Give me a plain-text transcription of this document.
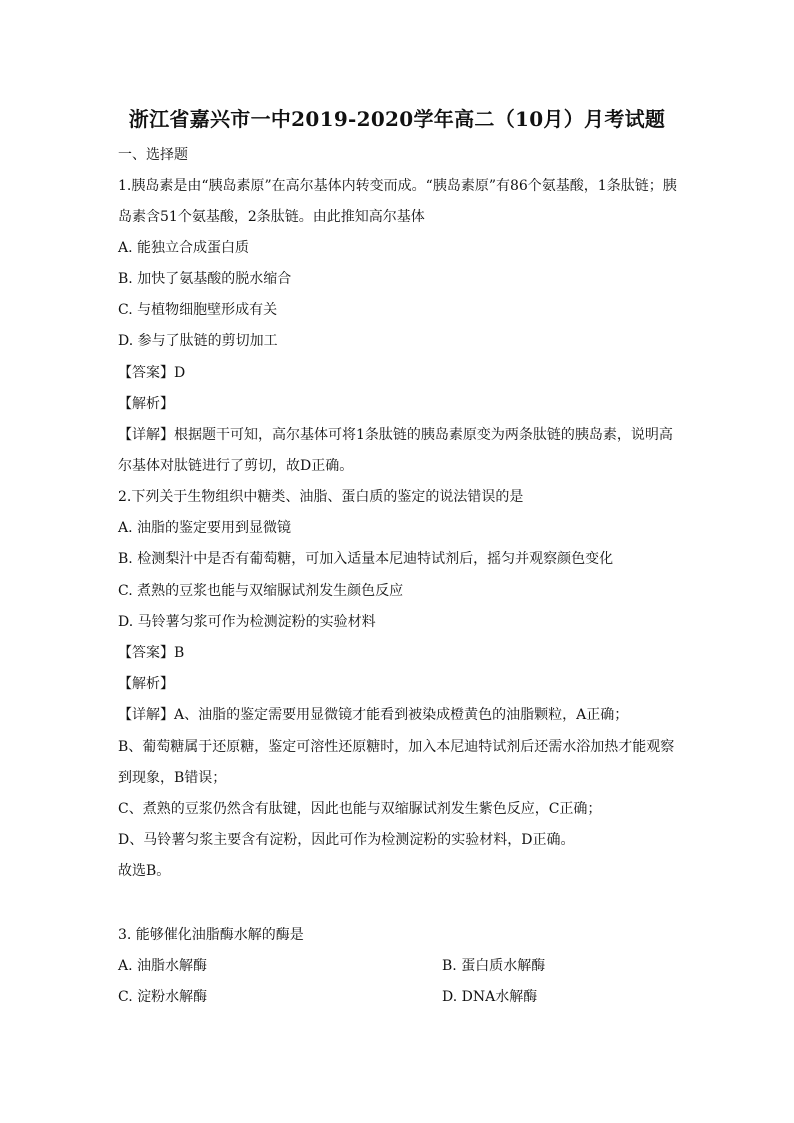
浙江省嘉兴市一中2019-2020学年高二（10月）月考试题
一、选择题
1.胰岛素是由“胰岛素原”在高尔基体内转变而成。“胰岛素原”有86个氨基酸，1条肽链；胰
岛素含51个氨基酸，2条肽链。由此推知高尔基体
A. 能独立合成蛋白质
B. 加快了氨基酸的脱水缩合
C. 与植物细胞壁形成有关
D. 参与了肽链的剪切加工
【答案】D
【解析】
【详解】根据题干可知，高尔基体可将1条肽链的胰岛素原变为两条肽链的胰岛素，说明高
尔基体对肽链进行了剪切，故D正确。
2.下列关于生物组织中糖类、油脂、蛋白质的鉴定的说法错误的是
A. 油脂的鉴定要用到显微镜
B. 检测梨汁中是否有葡萄糖，可加入适量本尼迪特试剂后，摇匀并观察颜色变化
C. 煮熟的豆浆也能与双缩脲试剂发生颜色反应
D. 马铃薯匀浆可作为检测淀粉的实验材料
【答案】B
【解析】
【详解】A、油脂的鉴定需要用显微镜才能看到被染成橙黄色的油脂颗粒，A正确；
B、葡萄糖属于还原糖，鉴定可溶性还原糖时，加入本尼迪特试剂后还需水浴加热才能观察
到现象，B错误；
C、煮熟的豆浆仍然含有肽键，因此也能与双缩脲试剂发生紫色反应，C正确；
D、马铃薯匀浆主要含有淀粉，因此可作为检测淀粉的实验材料，D正确。
故选B。
3. 能够催化油脂酶水解的酶是
A. 油脂水解酶	B. 蛋白质水解酶
C. 淀粉水解酶	D. DNA水解酶
